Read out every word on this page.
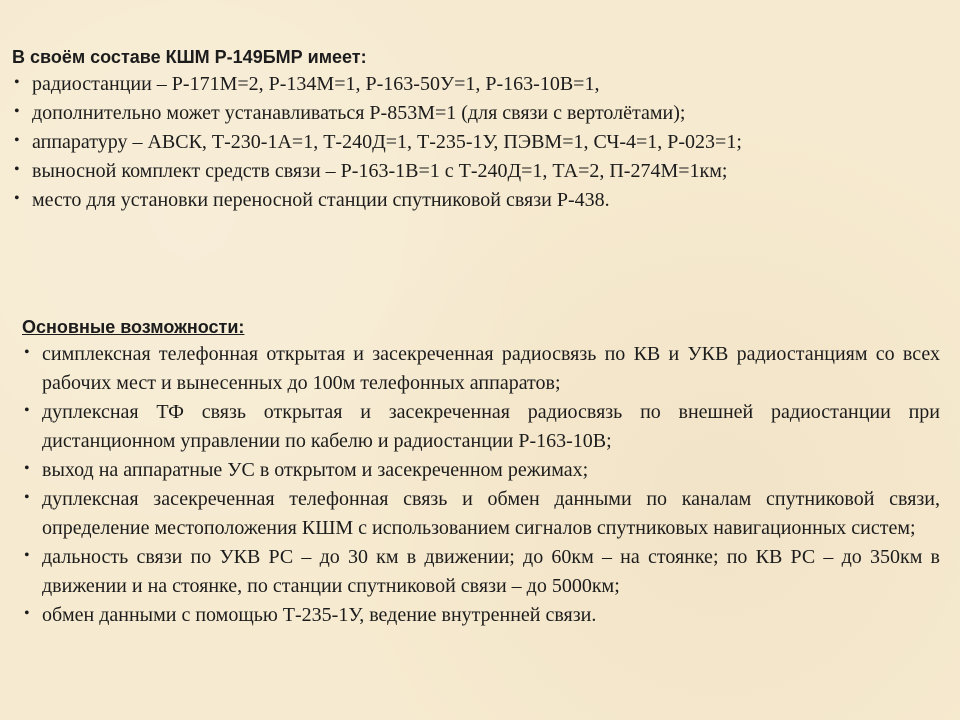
В своём составе КШМ Р-149БМР имеет:

• радиостанции – Р-171М=2, Р-134М=1, Р-163-50У=1, Р-163-10В=1,
• дополнительно может устанавливаться Р-853М=1 (для связи с вертолётами);
• аппаратуру – АВСК, Т-230-1А=1, Т-240Д=1, Т-235-1У, ПЭВМ=1, СЧ-4=1, Р-023=1;
• выносной комплект средств связи – Р-163-1В=1 с Т-240Д=1, ТА=2, П-274М=1км;
• место для установки переносной станции спутниковой связи Р-438.

Основные возможности:

• симплексная телефонная открытая и засекреченная радиосвязь по КВ и УКВ радиостанциям со всех рабочих мест и вынесенных до 100м телефонных аппаратов;
• дуплексная ТФ связь открытая и засекреченная радиосвязь по внешней радиостанции при дистанционном управлении по кабелю и радиостанции Р-163-10В;
• выход на аппаратные УС в открытом и засекреченном режимах;
• дуплексная засекреченная телефонная связь и обмен данными по каналам спутниковой связи, определение местоположения КШМ с использованием сигналов спутниковых навигационных систем;
• дальность связи по УКВ РС – до 30 км в движении; до 60км – на стоянке; по КВ РС – до 350км в движении и на стоянке, по станции спутниковой связи – до 5000км;
• обмен данными с помощью Т-235-1У, ведение внутренней связи.
